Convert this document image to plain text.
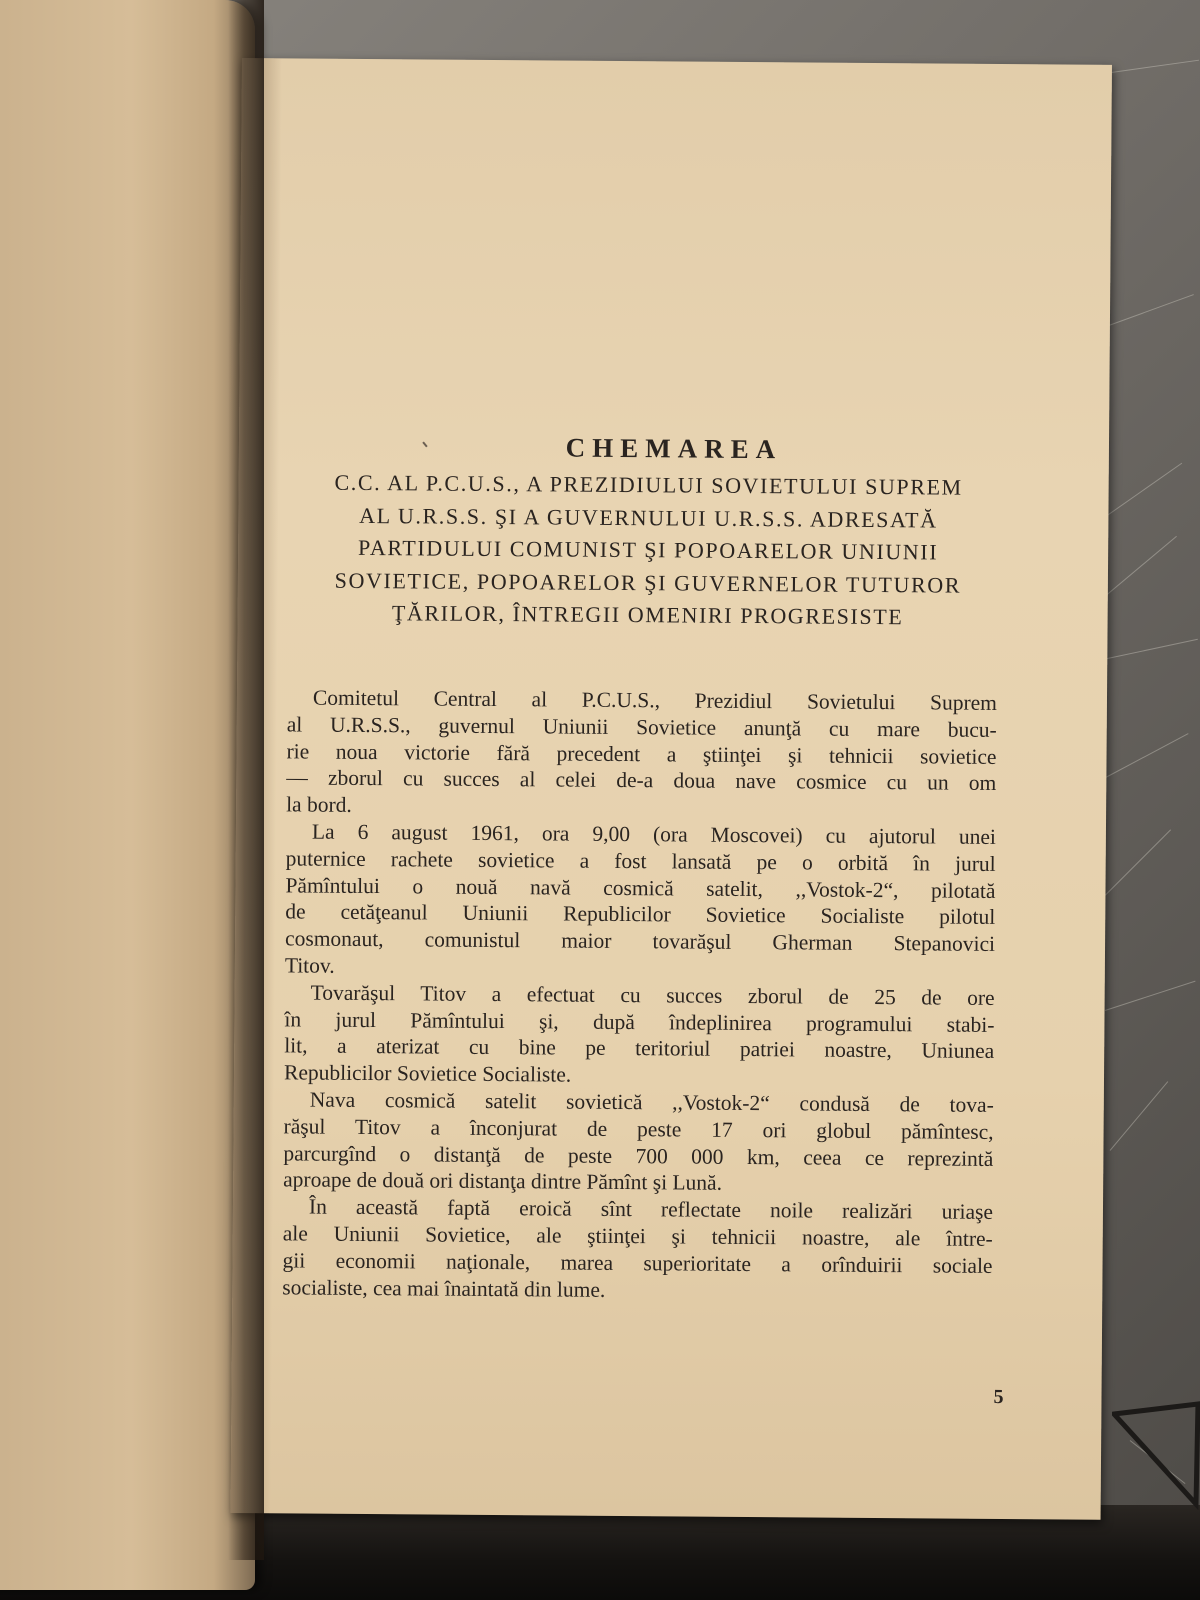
CHEMAREA
C.C. AL P.C.U.S., A PREZIDIULUI SOVIETULUI SUPREM
AL U.R.S.S. ŞI A GUVERNULUI U.R.S.S. ADRESATĂ
PARTIDULUI COMUNIST ŞI POPOARELOR UNIUNII
SOVIETICE, POPOARELOR ŞI GUVERNELOR TUTUROR
ŢĂRILOR, ÎNTREGII OMENIRI PROGRESISTE
Comitetul Central al P.C.U.S., Prezidiul Sovietului Suprem
al U.R.S.S., guvernul Uniunii Sovietice anunţă cu mare bucu-
rie noua victorie fără precedent a ştiinţei şi tehnicii sovietice
— zborul cu succes al celei de-a doua nave cosmice cu un om
la bord.
La 6 august 1961, ora 9,00 (ora Moscovei) cu ajutorul unei
puternice rachete sovietice a fost lansată pe o orbită în jurul
Pămîntului o nouă navă cosmică satelit, ,,Vostok-2“, pilotată
de cetăţeanul Uniunii Republicilor Sovietice Socialiste pilotul
cosmonaut, comunistul maior tovarăşul Gherman Stepanovici
Titov.
Tovarăşul Titov a efectuat cu succes zborul de 25 de ore
în jurul Pămîntului şi, după îndeplinirea programului stabi-
lit, a aterizat cu bine pe teritoriul patriei noastre, Uniunea
Republicilor Sovietice Socialiste.
Nava cosmică satelit sovietică ,,Vostok-2“ condusă de tova-
răşul Titov a înconjurat de peste 17 ori globul pămîntesc,
parcurgînd o distanţă de peste 700 000 km, ceea ce reprezintă
aproape de două ori distanţa dintre Pămînt şi Lună.
În această faptă eroică sînt reflectate noile realizări uriaşe
ale Uniunii Sovietice, ale ştiinţei şi tehnicii noastre, ale între-
gii economii naţionale, marea superioritate a orînduirii sociale
socialiste, cea mai înaintată din lume.
5
